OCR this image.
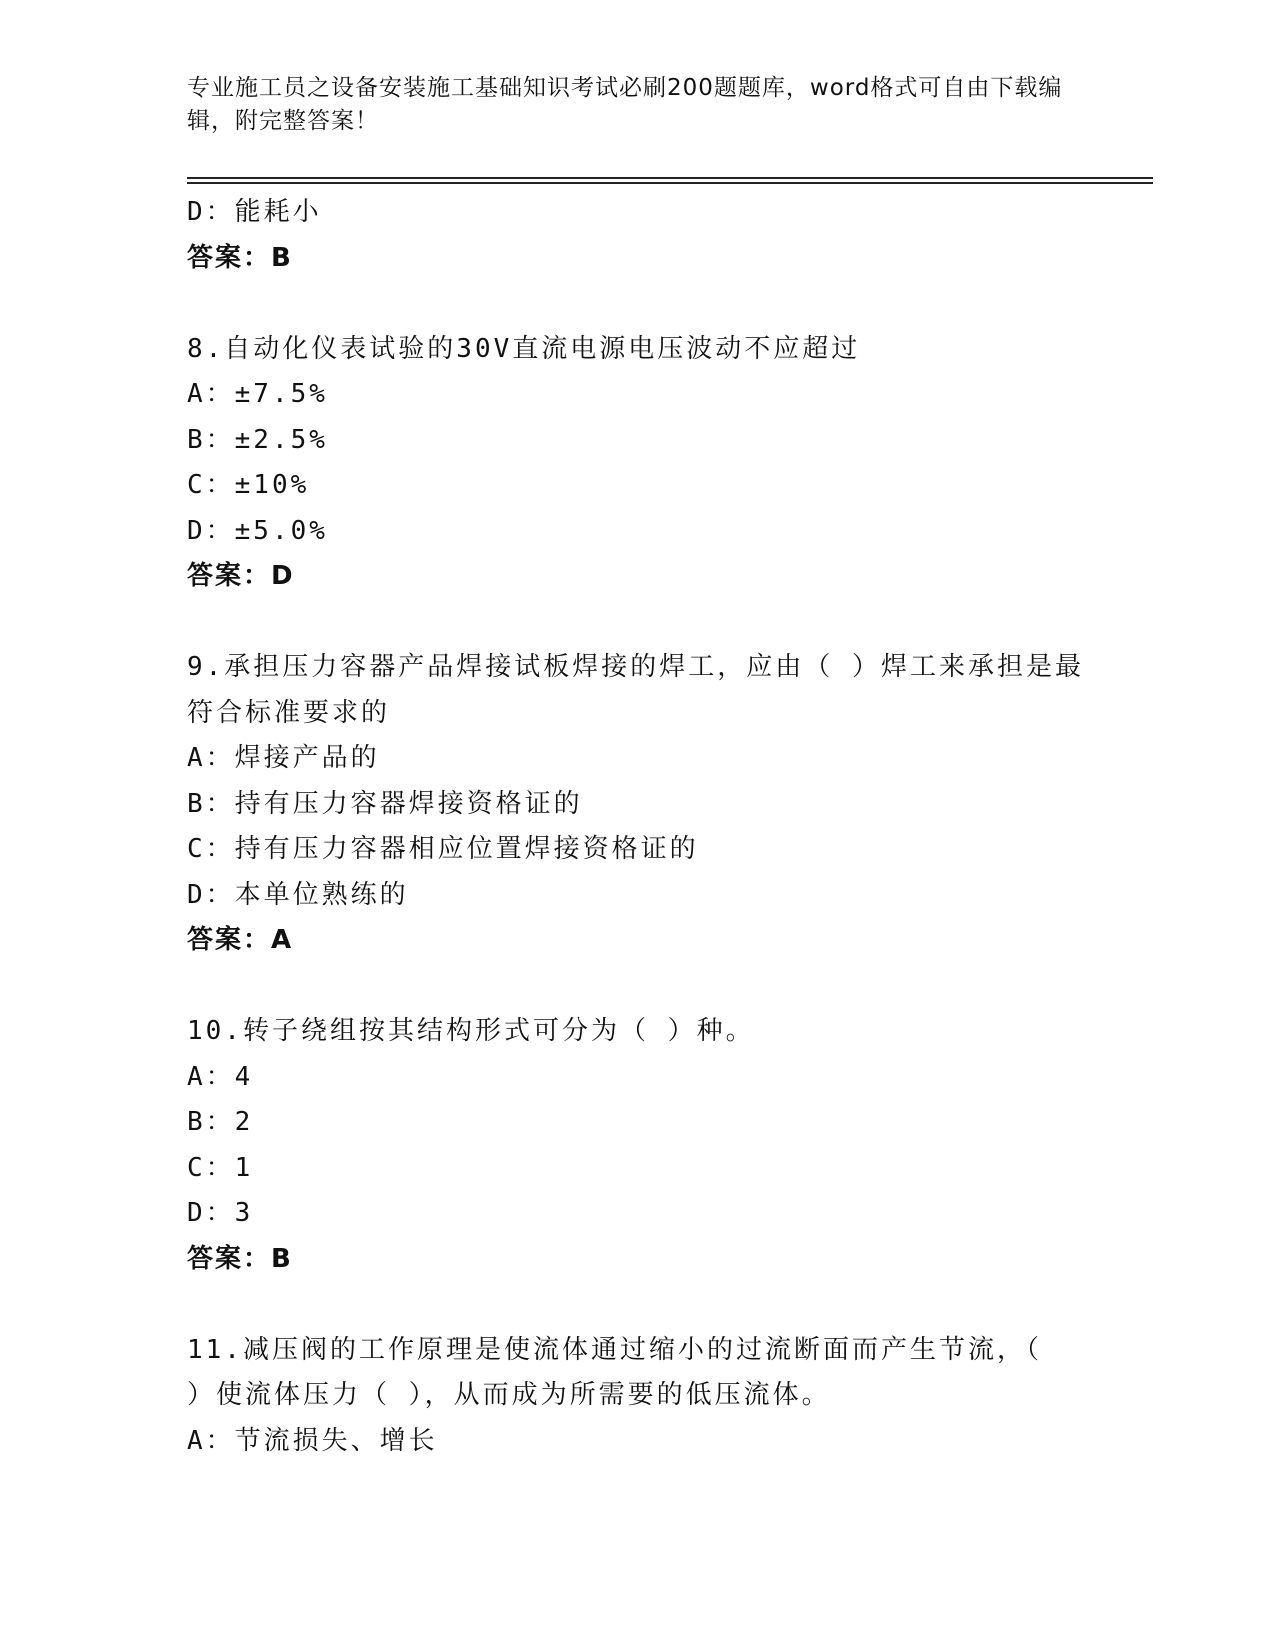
专业施工员之设备安装施工基础知识考试必刷200题题库，word格式可自由下载编辑，附完整答案！
D：能耗小
答案：B
8.自动化仪表试验的30V直流电源电压波动不应超过
A：±7.5%
B：±2.5%
C：±10%
D：±5.0%
答案：D
9.承担压力容器产品焊接试板焊接的焊工，应由（ ）焊工来承担是最
符合标准要求的
A：焊接产品的
B：持有压力容器焊接资格证的
C：持有压力容器相应位置焊接资格证的
D：本单位熟练的
答案：A
10.转子绕组按其结构形式可分为（ ）种。
A：4
B：2
C：1
D：3
答案：B
11.减压阀的工作原理是使流体通过缩小的过流断面而产生节流，（
）使流体压力（ ），从而成为所需要的低压流体。
A：节流损失、增长
